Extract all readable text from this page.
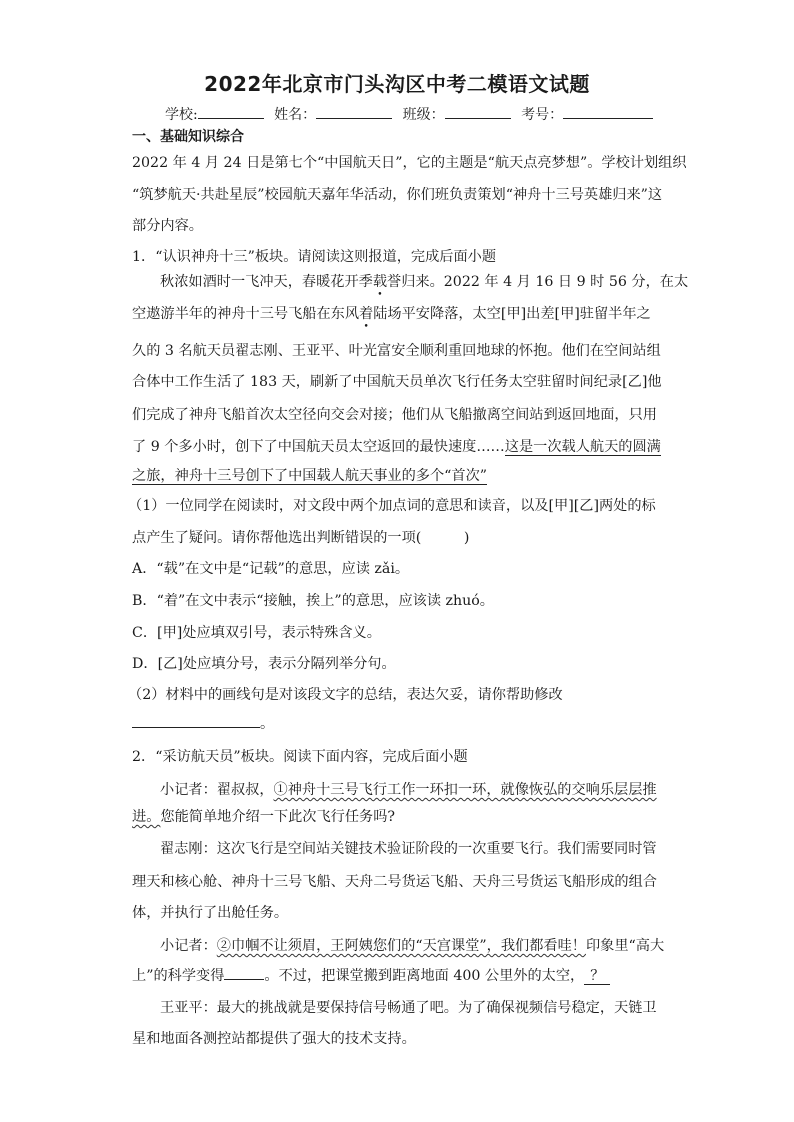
2022年北京市门头沟区中考二模语文试题
学校:	姓名：	班级：	考号：
一、基础知识综合
2022 年 4 月 24 日是第七个“中国航天日”，它的主题是“航天点亮梦想”。学校计划组织
“筑梦航天·共赴星辰”校园航天嘉年华活动，你们班负责策划“神舟十三号英雄归来”这
部分内容。
1．“认识神舟十三”板块。请阅读这则报道，完成后面小题
秋浓如酒时一飞冲天，春暖花开季载誉归来。2022 年 4 月 16 日 9 时 56 分，在太
空遨游半年的神舟十三号飞船在东风着陆场平安降落，太空[甲]出差[甲]驻留半年之
久的 3 名航天员翟志刚、王亚平、叶光富安全顺利重回地球的怀抱。他们在空间站组
合体中工作生活了 183 天，刷新了中国航天员单次飞行任务太空驻留时间纪录[乙]他
们完成了神舟飞船首次太空径向交会对接；他们从飞船撤离空间站到返回地面，只用
了 9 个多小时，创下了中国航天员太空返回的最快速度……这是一次载人航天的圆满
之旅，神舟十三号创下了中国载人航天事业的多个“首次”
（1）一位同学在阅读时，对文段中两个加点词的意思和读音，以及[甲][乙]两处的标
点产生了疑问。请你帮他选出判断错误的一项(　　　)
A．“载”在文中是“记载”的意思，应读 zǎi。
B．“着”在文中表示“接触，挨上”的意思，应该读 zhuó。
C．[甲]处应填双引号，表示特殊含义。
D．[乙]处应填分号，表示分隔列举分句。
（2）材料中的画线句是对该段文字的总结，表达欠妥，请你帮助修改
。
2．“采访航天员”板块。阅读下面内容，完成后面小题
小记者：翟叔叔，①神舟十三号飞行工作一环扣一环，就像恢弘的交响乐层层推
进。您能简单地介绍一下此次飞行任务吗?
翟志刚：这次飞行是空间站关键技术验证阶段的一次重要飞行。我们需要同时管
理天和核心舱、神舟十三号飞船、天舟二号货运飞船、天舟三号货运飞船形成的组合
体，并执行了出舱任务。
小记者：②巾帼不让须眉，王阿姨您们的“天宫课堂”，我们都看哇！印象里“高大
上”的科学变得	。不过，把课堂搬到距离地面 400 公里外的太空， ？
王亚平：最大的挑战就是要保持信号畅通了吧。为了确保视频信号稳定，天链卫
星和地面各测控站都提供了强大的技术支持。
